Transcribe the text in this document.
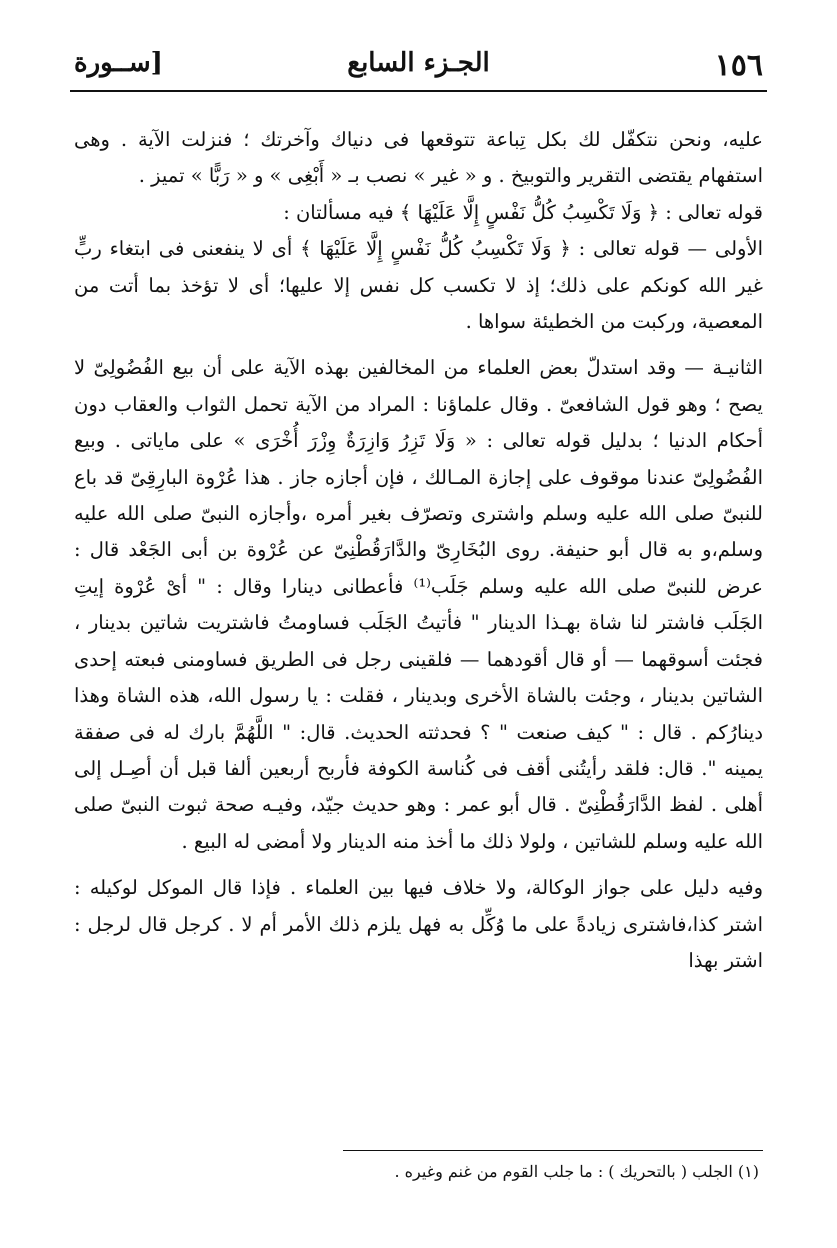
١٥٦
الجـزء السابع
[ســورة

عليه، ونحن نتكفّل لك بكل تِباعة تتوقعها فى دنياك وآخرتك ؛ فنزلت الآية . وهى استفهام يقتضى التقرير والتوبيخ . و « غير » نصب بـ « أَبْغِى » و « رَبًّا » تميز .

قوله تعالى : ﴿ وَلَا تَكْسِبُ كُلُّ نَفْسٍ إِلَّا عَلَيْهَا ﴾ فيه مسألتان :

الأولى — قوله تعالى : ﴿ وَلَا تَكْسِبُ كُلُّ نَفْسٍ إِلَّا عَلَيْهَا ﴾ أى لا ينفعنى فى ابتغاء ربٍّ غير الله كونكم على ذلك؛ إذ لا تكسب كل نفس إلا عليها؛ أى لا تؤخذ بما أتت من المعصية، وركبت من الخطيئة سواها .

الثانيـة — وقد استدلّ بعض العلماء من المخالفين بهذه الآية على أن بيع الفُضُولِىّ لا يصح ؛ وهو قول الشافعىّ . وقال علماؤنا : المراد من الآية تحمل الثواب والعقاب دون أحكام الدنيا ؛ بدليل قوله تعالى : « وَلَا تَزِرُ وَازِرَةٌ وِزْرَ أُخْرَى » على ماياتى . وبيع الفُضُولِىّ عندنا موقوف على إجازة المـالك ، فإن أجازه جاز . هذا عُرْوة البارِقِىّ قد باع للنبىّ صلى الله عليه وسلم واشترى وتصرّف بغير أمره ،وأجازه النبىّ صلى الله عليه وسلم،و به قال أبو حنيفة. روى البُخَارِىّ والدَّارَقُطْنِىّ عن عُرْوة بن أبى الجَعْد قال : عرض للنبىّ صلى الله عليه وسلم جَلَب⁽¹⁾ فأعطانى دينارا وقال : " أىْ عُرْوة إيتِ الجَلَب فاشتر لنا شاة بهـذا الدينار " فأتيتُ الجَلَب فساومتُ فاشتريت شاتين بدينار ، فجئت أسوقهما — أو قال أقودهما — فلقينى رجل فى الطريق فساومنى فبعته إحدى الشاتين بدينار ، وجئت بالشاة الأخرى وبدينار ، فقلت : يا رسول الله، هذه الشاة وهذا دينارُكم . قال : " كيف صنعت " ؟ فحدثته الحديث. قال: " اللَّهُمَّ بارك له فى صفقة يمينه ". قال: فلقد رأيتُنى أقف فى كُناسة الكوفة فأربح أربعين ألفا قبل أن أصِـل إلى أهلى . لفظ الدَّارَقُطْنِىّ . قال أبو عمر : وهو حديث جيّد، وفيـه صحة ثبوت النبىّ صلى الله عليه وسلم للشاتين ، ولولا ذلك ما أخذ منه الدينار ولا أمضى له البيع .

وفيه دليل على جواز الوكالة، ولا خلاف فيها بين العلماء . فإذا قال الموكل لوكيله : اشتر كذا،فاشترى زيادةً على ما وُكِّل به فهل يلزم ذلك الأمر أم لا . كرجل قال لرجل : اشتر بهذا

(١) الجلب ( بالتحريك ) : ما جلب القوم من غنم وغيره .
